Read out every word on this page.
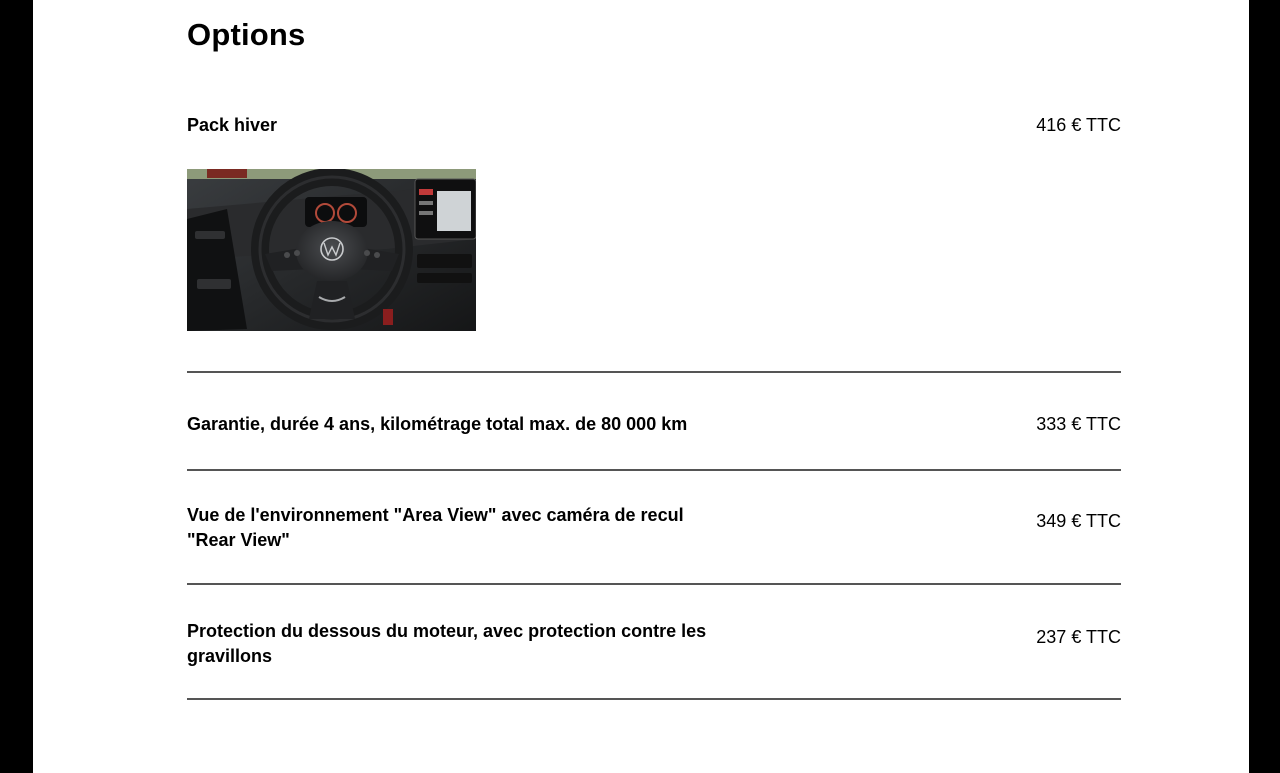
Options
Pack hiver	416 € TTC
Garantie, durée 4 ans, kilométrage total max. de 80 000 km	333 € TTC
Vue de l'environnement "Area View" avec caméra de recul "Rear View"
349 € TTC
Protection du dessous du moteur, avec protection contre les gravillons
237 € TTC
